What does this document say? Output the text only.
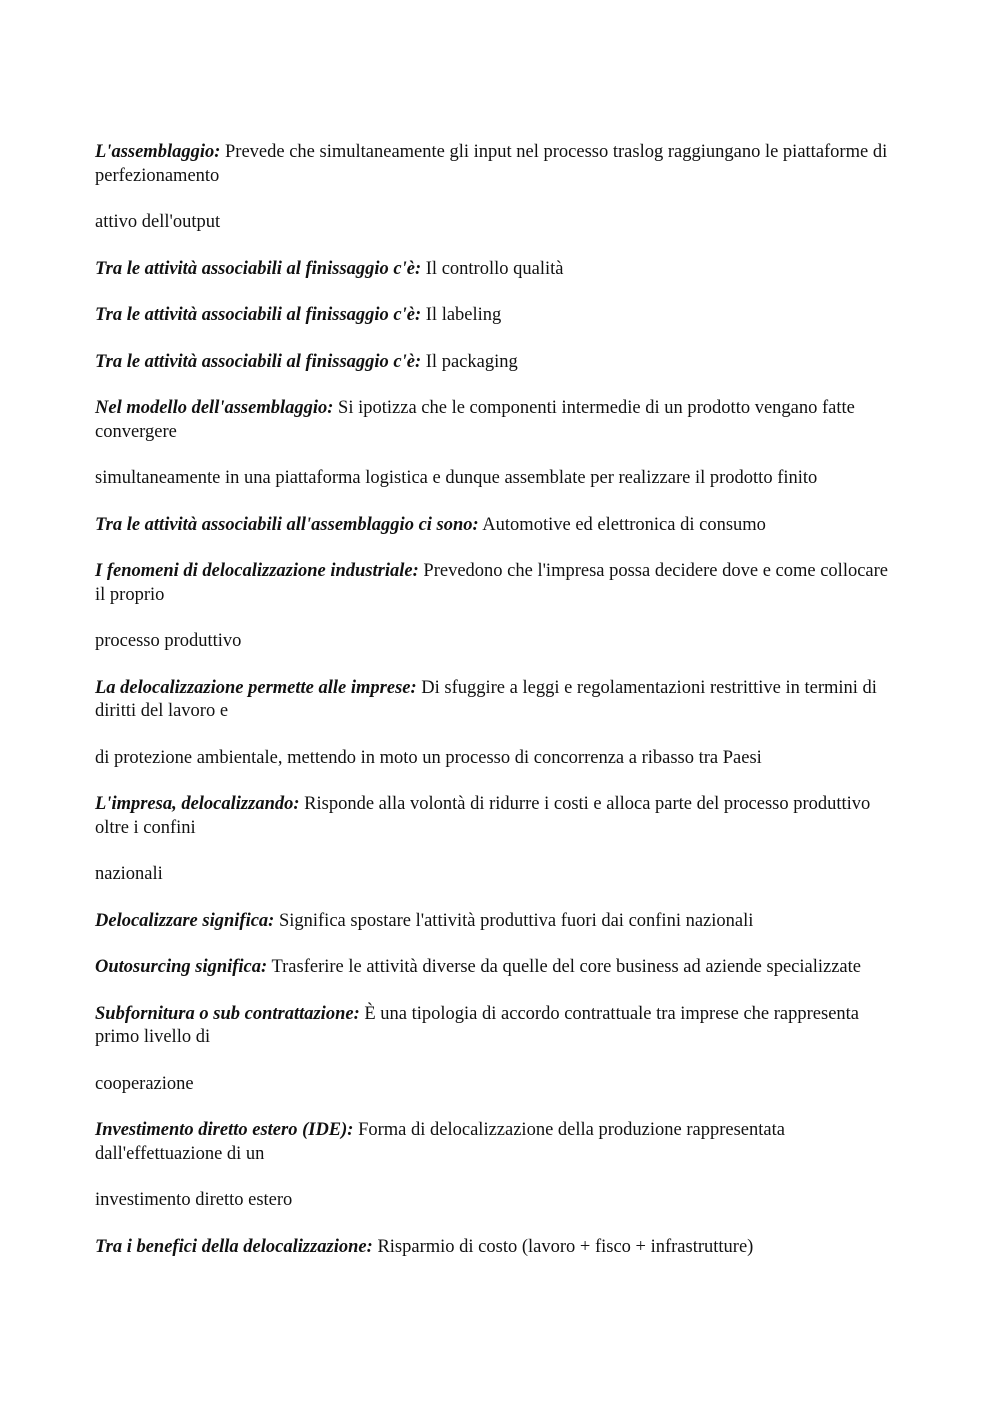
L'assemblaggio: Prevede che simultaneamente gli input nel processo traslog raggiungano le piattaforme di perfezionamento

attivo dell'output

Tra le attività associabili al finissaggio c'è: Il controllo qualità

Tra le attività associabili al finissaggio c'è: Il labeling

Tra le attività associabili al finissaggio c'è: Il packaging

Nel modello dell'assemblaggio: Si ipotizza che le componenti intermedie di un prodotto vengano fatte convergere

simultaneamente in una piattaforma logistica e dunque assemblate per realizzare il prodotto finito

Tra le attività associabili all'assemblaggio ci sono: Automotive ed elettronica di consumo

I fenomeni di delocalizzazione industriale: Prevedono che l'impresa possa decidere dove e come collocare il proprio

processo produttivo

La delocalizzazione permette alle imprese: Di sfuggire a leggi e regolamentazioni restrittive in termini di diritti del lavoro e

di protezione ambientale, mettendo in moto un processo di concorrenza a ribasso tra Paesi

L'impresa, delocalizzando: Risponde alla volontà di ridurre i costi e alloca parte del processo produttivo oltre i confini

nazionali

Delocalizzare significa: Significa spostare l'attività produttiva fuori dai confini nazionali

Outosurcing significa: Trasferire le attività diverse da quelle del core business ad aziende specializzate

Subfornitura o sub contrattazione: È una tipologia di accordo contrattuale tra imprese che rappresenta primo livello di

cooperazione

Investimento diretto estero (IDE): Forma di delocalizzazione della produzione rappresentata dall'effettuazione di un

investimento diretto estero

Tra i benefici della delocalizzazione: Risparmio di costo (lavoro + fisco + infrastrutture)
